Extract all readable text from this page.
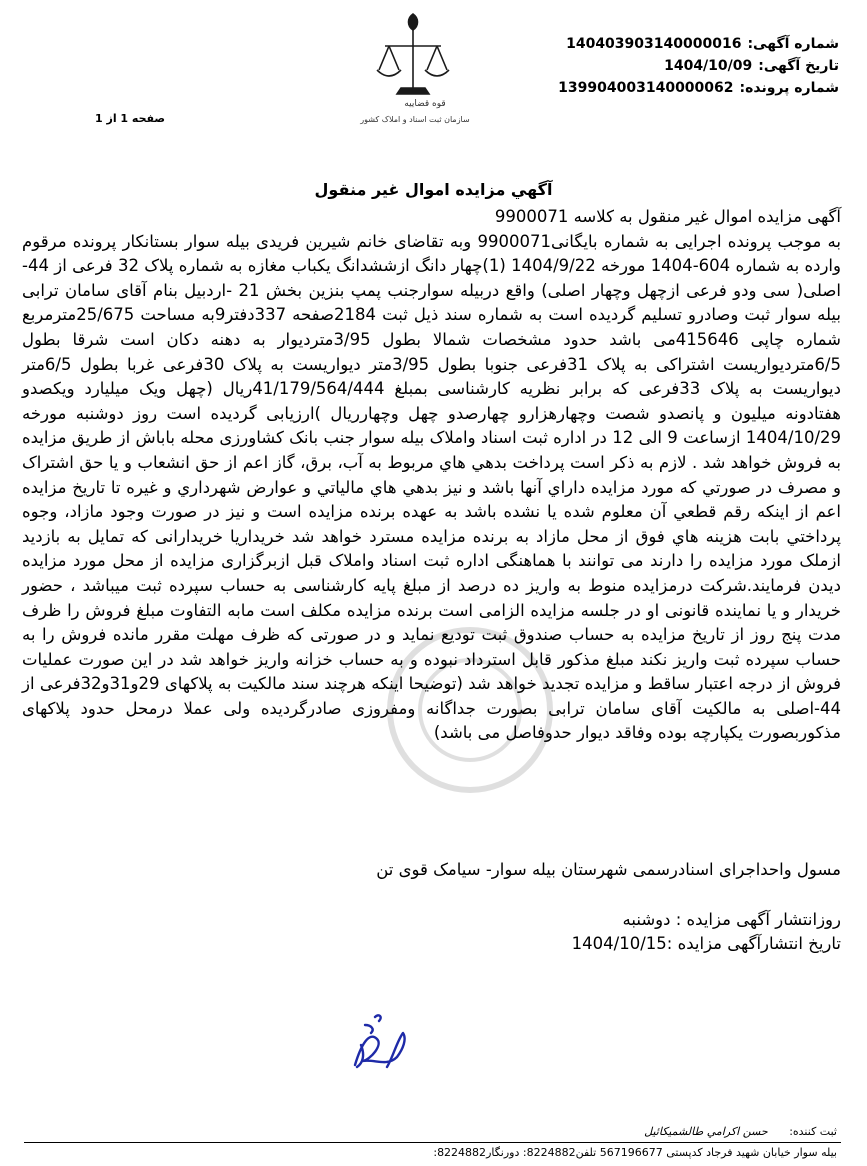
شماره آگهی:140403903140000016
تاریخ آگهی:1404/10/09
شماره پرونده:139904003140000062
قوه قضاییه
سازمان ثبت اسناد و املاک کشور
صفحه 1 از 1
آگهي مزايده اموال غير منقول

آگهی مزایده اموال غیر منقول به کلاسه 9900071

به موجب پرونده اجرایی به شماره بایگانی9900071 وبه تقاضای خانم شیرین فریدی بیله سوار بستانکار پرونده مرقوم وارده به شماره 604-1404 مورخه 1404/9/22 (1)چهار دانگ ازششدانگ یکباب مغازه به شماره پلاک 32 فرعی از 44-اصلی( سی ودو فرعی ازچهل وچهار اصلی) واقع دربیله سوارجنب پمپ بنزین بخش 21 -اردبیل بنام آقای سامان ترابی بیله سوار ثبت وصادرو تسلیم گردیده است به شماره سند ذیل ثبت 2184صفحه 337دفتر9به مساحت 25/675مترمربع شماره چاپی 415646می باشد حدود مشخصات شمالا بطول 3/95متردیوار به دهنه دکان است شرقا بطول 6/5متردیواریست اشتراکی به پلاک 31فرعی جنوبا بطول 3/95متر دیواریست به پلاک 30فرعی غربا بطول 6/5متر دیواریست به پلاک 33فرعی که برابر نظریه کارشناسی بمبلغ 41/179/564/444ریال (چهل ویک میلیارد ویکصدو هفتادونه میلیون و پانصدو شصت وچهارهزارو چهارصدو چهل وچهارریال )ارزیابی گردیده است روز دوشنبه مورخه 1404/10/29 ازساعت 9 الی 12 در اداره ثبت اسناد واملاک بیله سوار جنب بانک کشاورزی محله باباش از طریق مزایده به فروش خواهد شد . لازم به ذکر است پرداخت بدهي هاي مربوط به آب، برق، گاز اعم از حق انشعاب و يا حق اشتراک و مصرف در صورتي که مورد مزايده داراي آنها باشد و نيز بدهي هاي مالياتي و عوارض شهرداري و غيره تا تاريخ مزايده اعم از اينکه رقم قطعي آن معلوم شده يا نشده باشد به عهده برنده مزايده است و نيز در صورت وجود مازاد، وجوه پرداختي بابت هزينه هاي فوق از محل مازاد به برنده مزايده مسترد خواهد شد خریداریا خریدارانی که تمایل به بازدید ازملک مورد مزایده را دارند می توانند با هماهنگی اداره ثبت اسناد واملاک قبل ازبرگزاری مزایده از محل مورد مزایده دیدن فرمایند.شرکت درمزایده منوط به واریز ده درصد از مبلغ پایه کارشناسی به حساب سپرده ثبت میباشد ، حضور خریدار و یا نماینده قانونی او در جلسه مزایده الزامی است برنده مزایده مکلف است مابه التفاوت مبلغ فروش را ظرف مدت پنج روز از تاریخ مزایده به حساب صندوق ثبت تودیع نماید و در صورتی که ظرف مهلت مقرر مانده فروش را به حساب سپرده ثبت واریز نکند مبلغ مذکور قابل استرداد نبوده و به حساب خزانه واریز خواهد شد در این صورت عملیات فروش از درجه اعتبار ساقط و مزایده تجدید خواهد شد (توضیحا اینکه هرچند سند مالکیت به پلاکهای 29و31و32فرعی از 44-اصلی به مالکیت آقای سامان ترابی بصورت جداگانه ومفروزی صادرگردیده ولی عملا درمحل حدود پلاکهای مذکوربصورت یکپارچه بوده وفاقد دیوار حدوفاصل می باشد)

مسول واحداجرای اسنادرسمی شهرستان بیله سوار- سیامک قوی تن
روزانتشار آگهی مزایده : دوشنبه
تاریخ انتشارآگهی مزایده :1404/10/15
ثبت كننده: حسن اكرامي طالشميكائيل
بیله سوار خیابان شهید فرجاد کدپستی 567196677 تلفن8224882: دورنگار8224882:
